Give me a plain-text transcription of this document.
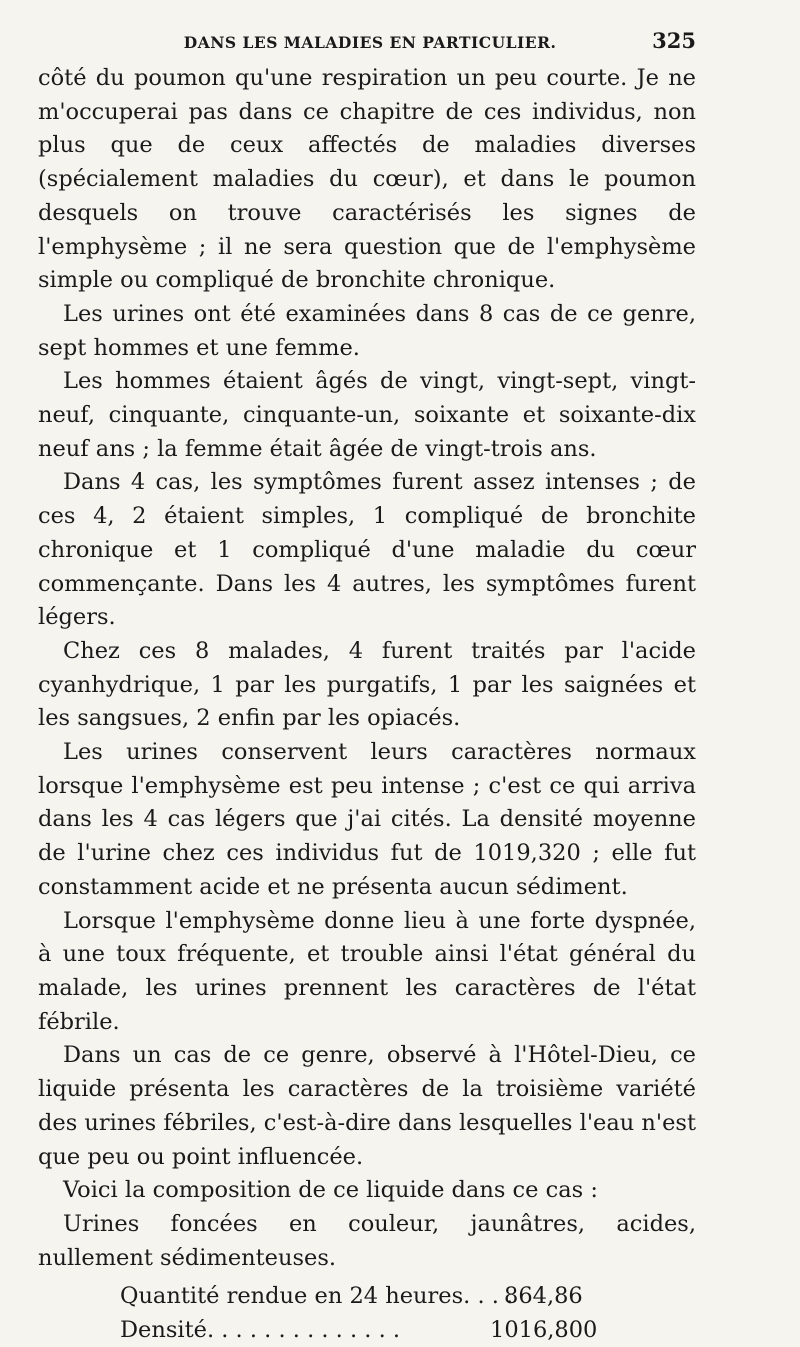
DANS LES MALADIES EN PARTICULIER.	325

côté du poumon qu'une respiration un peu courte. Je ne m'occuperai pas dans ce chapitre de ces individus, non plus que de ceux affectés de maladies diverses (spécialement maladies du cœur), et dans le poumon desquels on trouve caractérisés les signes de l'emphysème ; il ne sera question que de l'emphysème simple ou compliqué de bronchite chronique.

Les urines ont été examinées dans 8 cas de ce genre, sept hommes et une femme.

Les hommes étaient âgés de vingt, vingt-sept, vingt-neuf, cinquante, cinquante-un, soixante et soixante-dix neuf ans ; la femme était âgée de vingt-trois ans.

Dans 4 cas, les symptômes furent assez intenses ; de ces 4, 2 étaient simples, 1 compliqué de bronchite chronique et 1 compliqué d'une maladie du cœur commençante. Dans les 4 autres, les symptômes furent légers.

Chez ces 8 malades, 4 furent traités par l'acide cyanhydrique, 1 par les purgatifs, 1 par les saignées et les sangsues, 2 enfin par les opiacés.

Les urines conservent leurs caractères normaux lorsque l'emphysème est peu intense ; c'est ce qui arriva dans les 4 cas légers que j'ai cités. La densité moyenne de l'urine chez ces individus fut de 1019,320 ; elle fut constamment acide et ne présenta aucun sédiment.

Lorsque l'emphysème donne lieu à une forte dyspnée, à une toux fréquente, et trouble ainsi l'état général du malade, les urines prennent les caractères de l'état fébrile.

Dans un cas de ce genre, observé à l'Hôtel-Dieu, ce liquide présenta les caractères de la troisième variété des urines fébriles, c'est-à-dire dans lesquelles l'eau n'est que peu ou point influencée.

Voici la composition de ce liquide dans ce cas :

Urines foncées en couleur, jaunâtres, acides, nullement sédimenteuses.

Quantité rendue en 24 heures. . . .
864,86
Densité. . . . . . . . . . . . . .	1016,800
